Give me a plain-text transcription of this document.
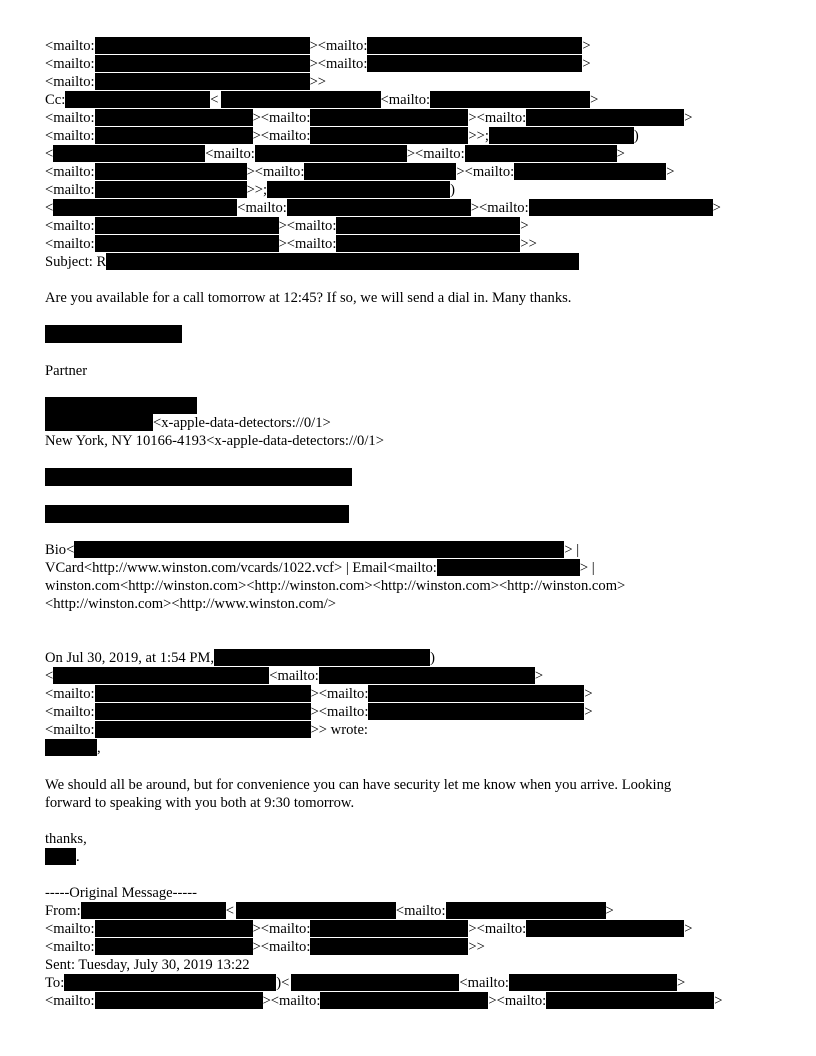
<mailto:	><mailto:	>
<mailto:	><mailto:	>
<mailto:	>>
Cc:	<	<mailto:	>
<mailto:	><mailto:	><mailto:	>
<mailto:	><mailto:	>>;	)
<	<mailto:	><mailto:	>
<mailto:	><mailto:	><mailto:	>
<mailto:	>>;	)
<	<mailto:	><mailto:	>
<mailto:	><mailto:	>
<mailto:	><mailto:	>>
Subject: R
Are you available for a call tomorrow at 12:45? If so, we will send a dial in. Many thanks.
Partner
<x-apple-data-detectors://0/1>
New York, NY 10166-4193<x-apple-data-detectors://0/1>
Bio<	> |
VCard<http://www.winston.com/vcards/1022.vcf> | Email<mailto:	> |
winston.com<http://winston.com><http://winston.com><http://winston.com><http://winston.com>
<http://winston.com><http://www.winston.com/>
On Jul 30, 2019, at 1:54 PM,	)
<	<mailto:	>
<mailto:	><mailto:	>
<mailto:	><mailto:	>
<mailto:	>> wrote:
,
We should all be around, but for convenience you can have security let me know when you arrive. Looking
forward to speaking with you both at 9:30 tomorrow.
thanks,
.
-----Original Message-----
From:	<	<mailto:	>
<mailto:	><mailto:	><mailto:	>
<mailto:	><mailto:	>>
Sent: Tuesday, July 30, 2019 13:22
To:	)<	<mailto:	>
<mailto:	><mailto:	><mailto:	>
